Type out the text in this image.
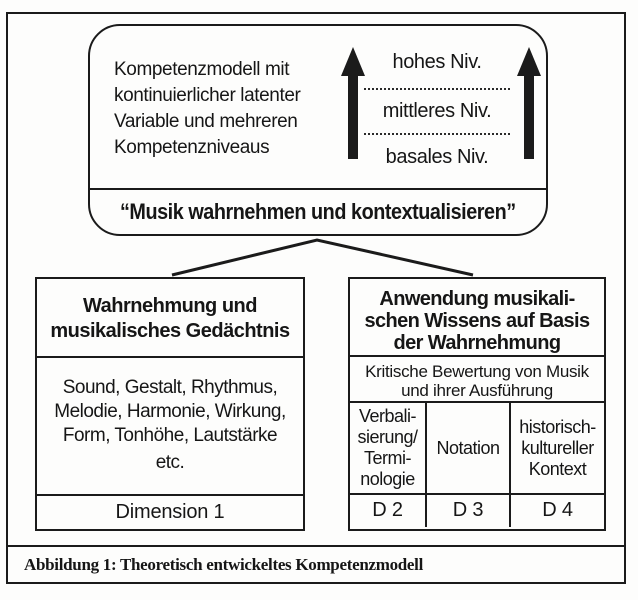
Kompetenzmodell mit
kontinuierlicher latenter
Variable und mehreren
Kompetenzniveaus
hohes Niv.
mittleres Niv.
basales Niv.
“Musik wahrnehmen und kontextualisieren”
Wahrnehmung und
musikalisches Gedächtnis
Sound, Gestalt, Rhythmus,
Melodie, Harmonie, Wirkung,
Form, Tonhöhe, Lautstärke
etc.
Dimension 1
Anwendung musikali-
schen Wissens auf Basis
der Wahrnehmung
Kritische Bewertung von Musik
und ihrer Ausführung
Verbali-
sierung/
Termi-
nologie
Notation
historisch-
kultureller
Kontext
D 2	D 3	D 4
Abbildung 1: Theoretisch entwickeltes Kompetenzmodell
